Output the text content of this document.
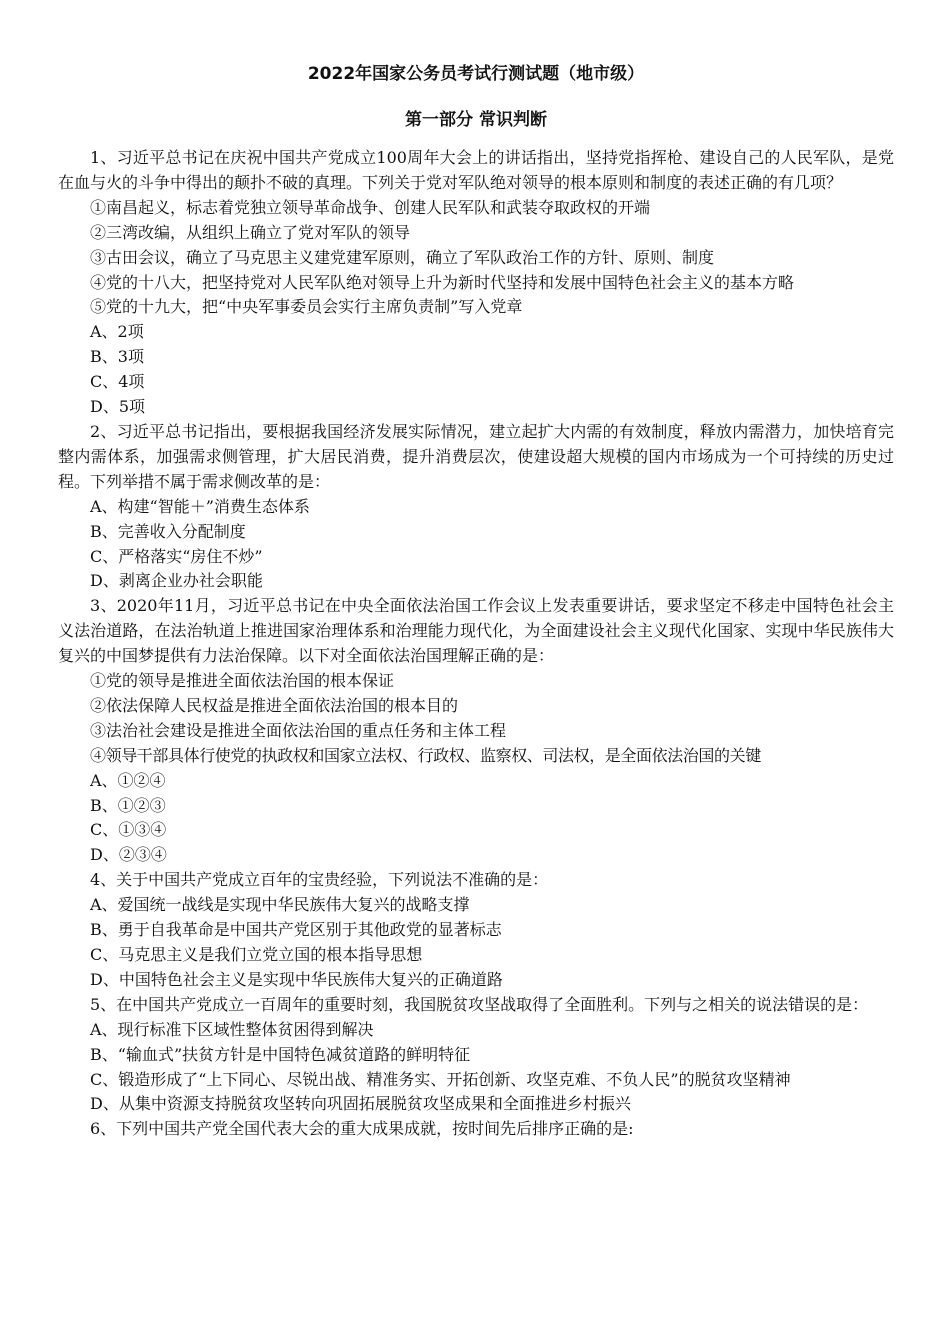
2022年国家公务员考试行测试题（地市级）
第一部分 常识判断

1、习近平总书记在庆祝中国共产党成立100周年大会上的讲话指出，坚持党指挥枪、建设自己的人民军队，是党在血与火的斗争中得出的颠扑不破的真理。下列关于党对军队绝对领导的根本原则和制度的表述正确的有几项？

①南昌起义，标志着党独立领导革命战争、创建人民军队和武装夺取政权的开端

②三湾改编，从组织上确立了党对军队的领导

③古田会议，确立了马克思主义建党建军原则，确立了军队政治工作的方针、原则、制度

④党的十八大，把坚持党对人民军队绝对领导上升为新时代坚持和发展中国特色社会主义的基本方略

⑤党的十九大，把“中央军事委员会实行主席负责制”写入党章

A、2项

B、3项

C、4项

D、5项

2、习近平总书记指出，要根据我国经济发展实际情况，建立起扩大内需的有效制度，释放内需潜力，加快培育完整内需体系，加强需求侧管理，扩大居民消费，提升消费层次，使建设超大规模的国内市场成为一个可持续的历史过程。下列举措不属于需求侧改革的是：

A、构建“智能＋”消费生态体系

B、完善收入分配制度

C、严格落实“房住不炒”

D、剥离企业办社会职能

3、2020年11月，习近平总书记在中央全面依法治国工作会议上发表重要讲话，要求坚定不移走中国特色社会主义法治道路，在法治轨道上推进国家治理体系和治理能力现代化，为全面建设社会主义现代化国家、实现中华民族伟大复兴的中国梦提供有力法治保障。以下对全面依法治国理解正确的是：

①党的领导是推进全面依法治国的根本保证

②依法保障人民权益是推进全面依法治国的根本目的

③法治社会建设是推进全面依法治国的重点任务和主体工程

④领导干部具体行使党的执政权和国家立法权、行政权、监察权、司法权，是全面依法治国的关键

A、①②④

B、①②③

C、①③④

D、②③④

4、关于中国共产党成立百年的宝贵经验，下列说法不准确的是：

A、爱国统一战线是实现中华民族伟大复兴的战略支撑

B、勇于自我革命是中国共产党区别于其他政党的显著标志

C、马克思主义是我们立党立国的根本指导思想

D、中国特色社会主义是实现中华民族伟大复兴的正确道路

5、在中国共产党成立一百周年的重要时刻，我国脱贫攻坚战取得了全面胜利。下列与之相关的说法错误的是：

A、现行标准下区域性整体贫困得到解决

B、“输血式”扶贫方针是中国特色减贫道路的鲜明特征

C、锻造形成了“上下同心、尽锐出战、精准务实、开拓创新、攻坚克难、不负人民”的脱贫攻坚精神

D、从集中资源支持脱贫攻坚转向巩固拓展脱贫攻坚成果和全面推进乡村振兴

6、下列中国共产党全国代表大会的重大成果成就，按时间先后排序正确的是:
